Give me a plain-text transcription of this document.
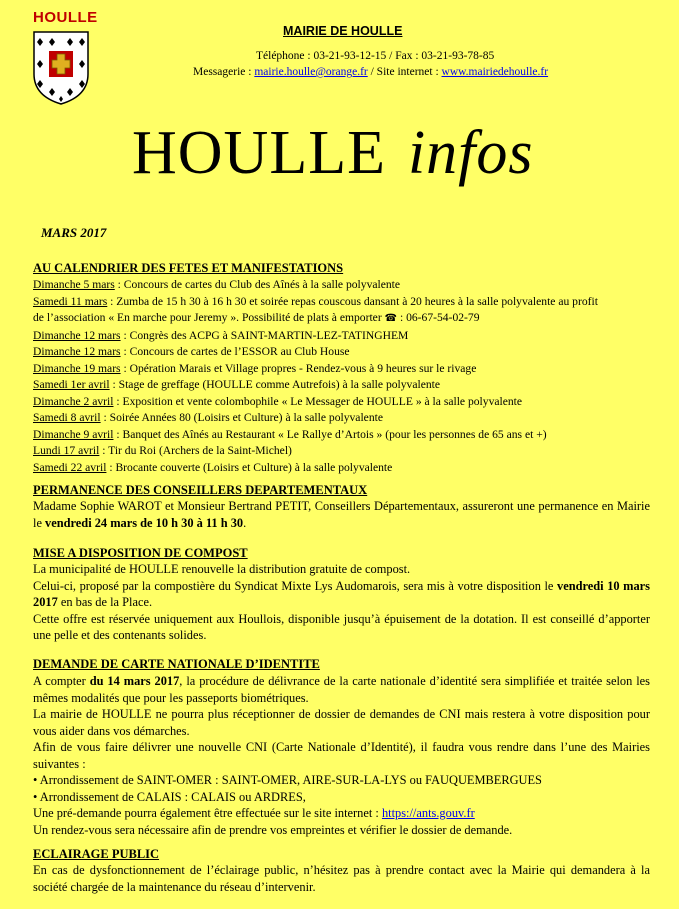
HOULLE
MAIRIE DE HOULLE
Téléphone : 03-21-93-12-15 / Fax : 03-21-93-78-85
Messagerie : mairie.houlle@orange.fr / Site internet : www.mairiedehoulle.fr
HOULLE infos
MARS 2017
AU CALENDRIER DES FETES ET MANIFESTATIONS
Dimanche 5 mars : Concours de cartes du Club des Aînés à la salle polyvalente
Samedi 11 mars : Zumba de 15 h 30 à 16 h 30 et soirée repas couscous dansant à 20 heures à la salle polyvalente au profit
de l’association « En marche pour Jeremy ». Possibilité de plats à emporter ☎ : 06-67-54-02-79
Dimanche 12 mars : Congrès des ACPG à SAINT-MARTIN-LEZ-TATINGHEM
Dimanche 12 mars : Concours de cartes de l’ESSOR au Club House
Dimanche 19 mars : Opération Marais et Village propres - Rendez-vous à 9 heures sur le rivage
Samedi 1er avril : Stage de greffage (HOULLE comme Autrefois) à la salle polyvalente
Dimanche 2 avril : Exposition et vente colombophile « Le Messager de HOULLE » à la salle polyvalente
Samedi 8 avril : Soirée Années 80 (Loisirs et Culture) à la salle polyvalente
Dimanche 9 avril : Banquet des Aînés au Restaurant « Le Rallye d’Artois » (pour les personnes de 65 ans et +)
Lundi 17 avril : Tir du Roi (Archers de la Saint-Michel)
Samedi 22 avril : Brocante couverte (Loisirs et Culture) à la salle polyvalente
PERMANENCE DES CONSEILLERS DEPARTEMENTAUX
Madame Sophie WAROT et Monsieur Bertrand PETIT, Conseillers Départementaux, assureront une permanence en Mairie le vendredi 24 mars de 10 h 30 à 11 h 30.
MISE A DISPOSITION DE COMPOST
La municipalité de HOULLE renouvelle la distribution gratuite de compost.
Celui-ci, proposé par la compostière du Syndicat Mixte Lys Audomarois, sera mis à votre disposition le vendredi 10 mars 2017 en bas de la Place.
Cette offre est réservée uniquement aux Houllois, disponible jusqu’à épuisement de la dotation. Il est conseillé d’apporter une pelle et des contenants solides.
DEMANDE DE CARTE NATIONALE D’IDENTITE
A compter du 14 mars 2017, la procédure de délivrance de la carte nationale d’identité sera simplifiée et traitée selon les mêmes modalités que pour les passeports biométriques.
La mairie de HOULLE ne pourra plus réceptionner de dossier de demandes de CNI mais restera à votre disposition pour vous aider dans vos démarches.
Afin de vous faire délivrer une nouvelle CNI (Carte Nationale d’Identité), il faudra vous rendre dans l’une des Mairies suivantes :
• Arrondissement de SAINT-OMER : SAINT-OMER, AIRE-SUR-LA-LYS ou FAUQUEMBERGUES
• Arrondissement de CALAIS : CALAIS ou ARDRES,
Une pré-demande pourra également être effectuée sur le site internet : https://ants.gouv.fr
Un rendez-vous sera nécessaire afin de prendre vos empreintes et vérifier le dossier de demande.
ECLAIRAGE PUBLIC
En cas de dysfonctionnement de l’éclairage public, n’hésitez pas à prendre contact avec la Mairie qui demandera à la société chargée de la maintenance du réseau d’intervenir.
